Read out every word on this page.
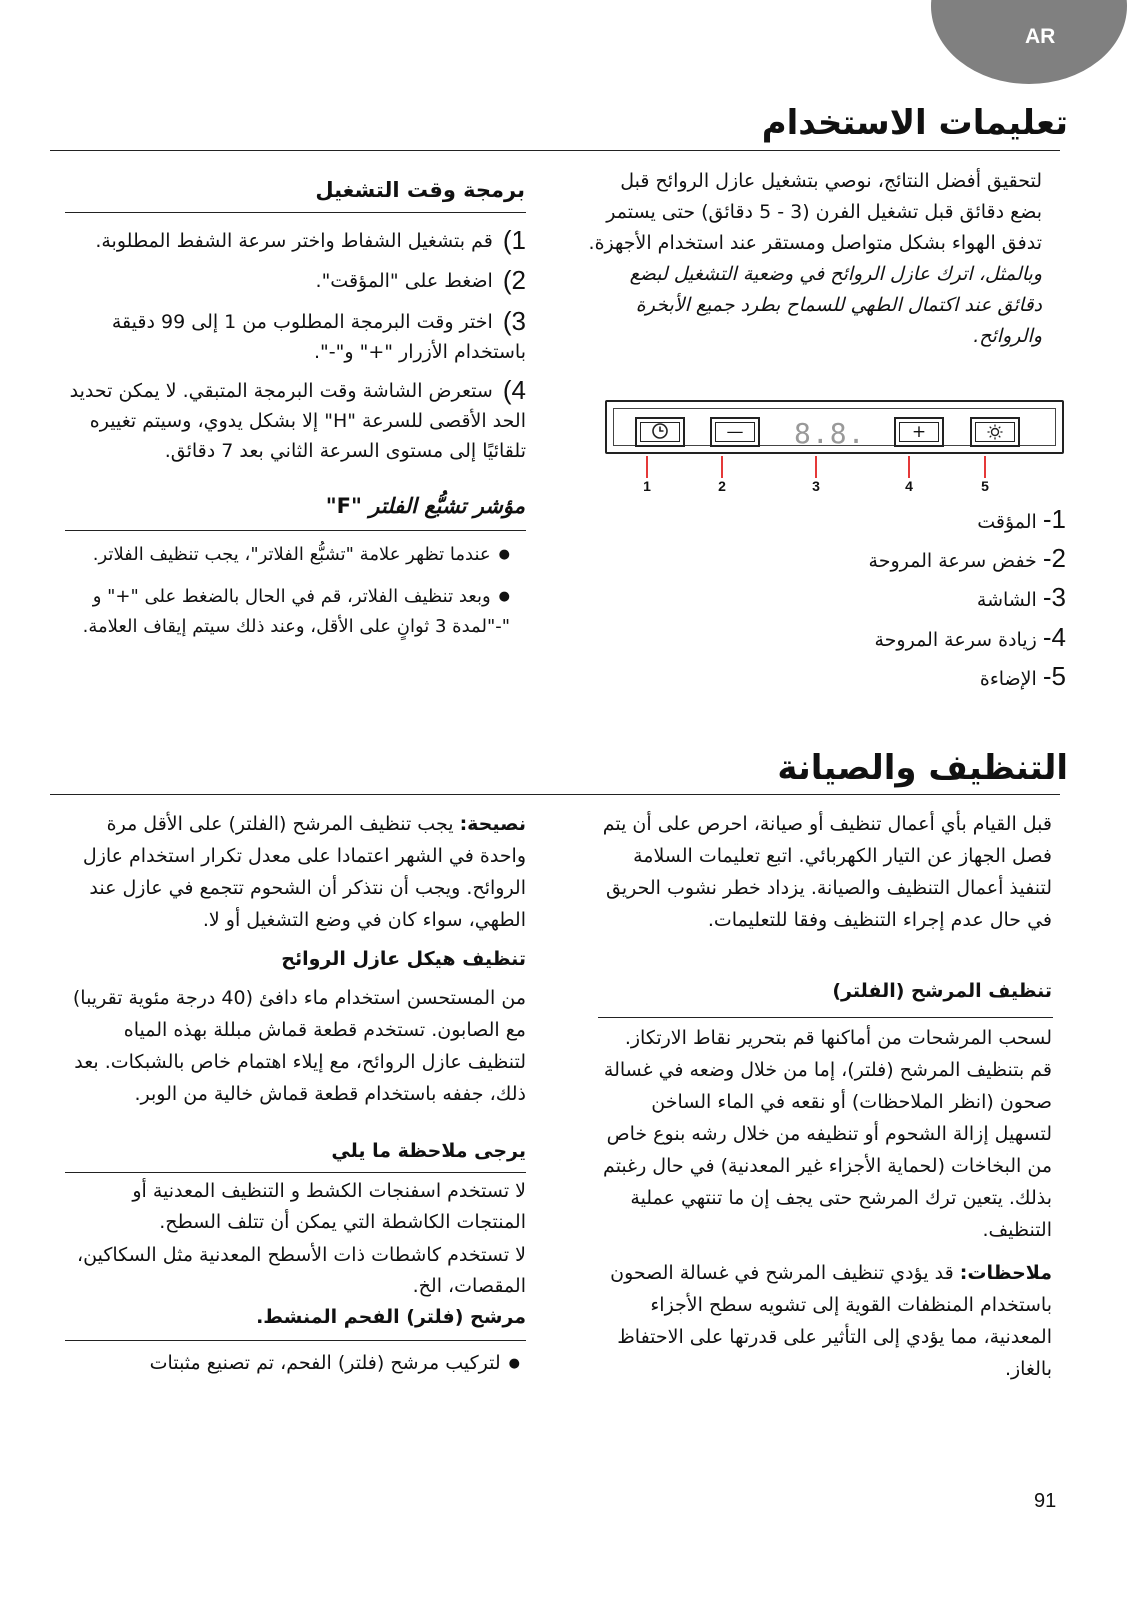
AR
تعليمات الاستخدام
لتحقيق أفضل النتائج، نوصي بتشغيل عازل الروائح قبل بضع دقائق قبل تشغيل الفرن (3 - 5 دقائق) حتى يستمر تدفق الهواء بشكل متواصل ومستقر عند استخدام الأجهزة. وبالمثل، اترك عازل الروائح في وضعية التشغيل لبضع دقائق عند اكتمال الطهي للسماح بطرد جميع الأبخرة والروائح.
—	8.8.	+
1	2	3	4	5
1- المؤقت
2- خفض سرعة المروحة
3- الشاشة
4- زيادة سرعة المروحة
5- الإضاءة
برمجة وقت التشغيل
1) قم بتشغيل الشفاط واختر سرعة الشفط المطلوبة.
2) اضغط على "المؤقت".
3) اختر وقت البرمجة المطلوب من 1 إلى 99 دقيقة باستخدام الأزرار "+" و"-".
4) ستعرض الشاشة وقت البرمجة المتبقي. لا يمكن تحديد الحد الأقصى للسرعة "H" إلا بشكل يدوي، وسيتم تغييره تلقائيًا إلى مستوى السرعة الثاني بعد 7 دقائق.
مؤشر تشبُّع الفلتر "F"
● عندما تظهر علامة "تشبُّع الفلاتر"، يجب تنظيف الفلاتر.
● وبعد تنظيف الفلاتر، قم في الحال بالضغط على "+" و "-"لمدة 3 ثوانٍ على الأقل، وعند ذلك سيتم إيقاف العلامة.
التنظيف والصيانة
قبل القيام بأي أعمال تنظيف أو صيانة، احرص على أن يتم فصل الجهاز عن التيار الكهربائي. اتبع تعليمات السلامة لتنفيذ أعمال التنظيف والصيانة. يزداد خطر نشوب الحريق في حال عدم إجراء التنظيف وفقا للتعليمات.
تنظيف المرشح (الفلتر)
لسحب المرشحات من أماكنها قم بتحرير نقاط الارتكاز. قم بتنظيف المرشح (فلتر)، إما من خلال وضعه في غسالة صحون (انظر الملاحظات) أو نقعه في الماء الساخن لتسهيل إزالة الشحوم أو تنظيفه من خلال رشه بنوع خاص من البخاخات (لحماية الأجزاء غير المعدنية) في حال رغبتم بذلك. يتعين ترك المرشح حتى يجف إن ما تنتهي عملية التنظيف.
ملاحظات: قد يؤدي تنظيف المرشح في غسالة الصحون باستخدام المنظفات القوية إلى تشويه سطح الأجزاء المعدنية، مما يؤدي إلى التأثير على قدرتها على الاحتفاظ بالغاز.
نصيحة: يجب تنظيف المرشح (الفلتر) على الأقل مرة واحدة في الشهر اعتمادا على معدل تكرار استخدام عازل الروائح. ويجب أن نتذكر أن الشحوم تتجمع في عازل عند الطهي، سواء كان في وضع التشغيل أو لا.
تنظيف هيكل عازل الروائح
من المستحسن استخدام ماء دافئ (40 درجة مئوية تقريبا) مع الصابون. تستخدم قطعة قماش مبللة بهذه المياه لتنظيف عازل الروائح، مع إيلاء اهتمام خاص بالشبكات. بعد ذلك، جففه باستخدام قطعة قماش خالية من الوبر.
يرجى ملاحظة ما يلي
لا تستخدم اسفنجات الكشط و التنظيف المعدنية أو المنتجات الكاشطة التي يمكن أن تتلف السطح.
لا تستخدم كاشطات ذات الأسطح المعدنية مثل السكاكين، المقصات، الخ.
مرشح (فلتر) الفحم المنشط.
● لتركيب مرشح (فلتر) الفحم، تم تصنيع مثبتات
91
